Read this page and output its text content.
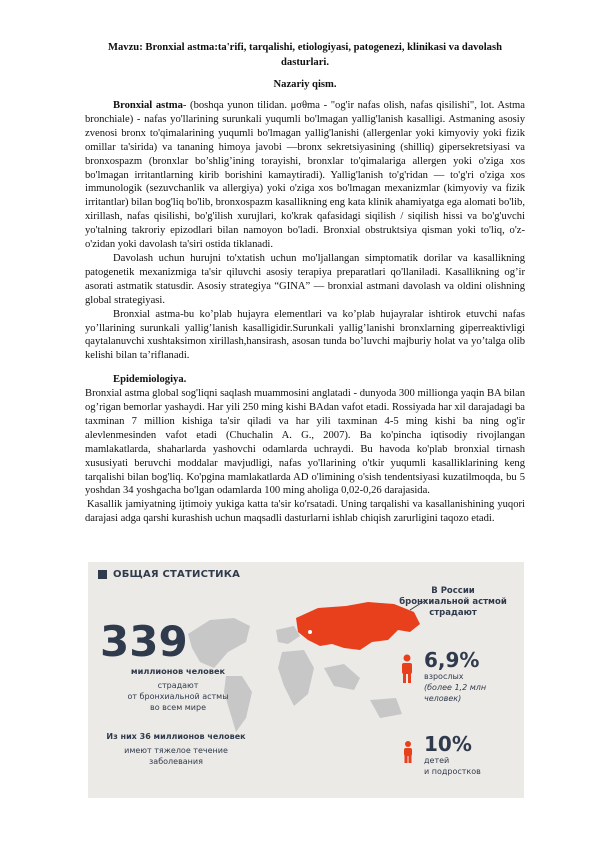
Mavzu: Bronxial astma:ta'rifi, tarqalishi, etiologiyasi, patogenezi, klinikasi va davolash dasturlari.

Nazariy qism.

Bronxial astma- (boshqa yunon tilidan. μσθma - "og'ir nafas olish, nafas qisilishi", lot. Astma bronchiale) - nafas yo'llarining surunkali yuqumli bo'lmagan yallig'lanish kasalligi. Astmaning asosiy zvenosi bronx to'qimalarining yuqumli bo'lmagan yallig'lanishi (allergenlar yoki kimyoviy yoki fizik omillar ta'sirida) va tananing himoya javobi —bronx sekretsiyasining (shilliq) gipersekretsiyasi va bronxospazm (bronxlar bo’shlig’ining torayishi, bronxlar to'qimalariga allergen yoki o'ziga xos bo'lmagan irritantlarning kirib borishini kamaytiradi). Yallig'lanish to'g'ridan — to'g'ri o'ziga xos immunologik (sezuvchanlik va allergiya) yoki o'ziga xos bo'lmagan mexanizmlar (kimyoviy va fizik irritantlar) bilan bog'liq bo'lib, bronxospazm kasallikning eng kata klinik ahamiyatga ega alomati bo'lib, xirillash, nafas qisilishi, bo'g'ilish xurujlari, ko'krak qafasidagi siqilish / siqilish hissi va bo'g'uvchi yo'talning takroriy epizodlari bilan namoyon bo'ladi. Bronxial obstruktsiya qisman yoki to'liq, o'z-o'zidan yoki davolash ta'siri ostida tiklanadi.

Davolash uchun hurujni to'xtatish uchun mo'ljallangan simptomatik dorilar va kasallikning patogenetik mexanizmiga ta'sir qiluvchi asosiy terapiya preparatlari qo'llaniladi. Kasallikning og’ir asorati astmatik statusdir. Asosiy strategiya “GINA” — bronxial astmani davolash va oldini olishning global strategiyasi.

Bronxial astma-bu ko’plab hujayra elementlari va ko’plab hujayralar ishtirok etuvchi nafas yo’llarining surunkali yallig’lanish kasalligidir.Surunkali yallig’lanishi bronxlarning giperreaktivligi qaytalanuvchi xushtaksimon xirillash,hansirash, asosan tunda bo’luvchi majburiy holat va yo’talga olib kelishi bilan ta’riflanadi.

Epidemiologiya.

Bronxial astma global sog'liqni saqlash muammosini anglatadi - dunyoda 300 millionga yaqin BA bilan og’rigan bemorlar yashaydi. Har yili 250 ming kishi BAdan vafot etadi. Rossiyada har xil darajadagi ba taxminan 7 million kishiga ta'sir qiladi va har yili taxminan 4-5 ming kishi ba ning og'ir alevlenmesinden vafot etadi (Chuchalin A. G., 2007). Ba ko'pincha iqtisodiy rivojlangan mamlakatlarda, shaharlarda yashovchi odamlarda uchraydi. Bu havoda ko'plab bronxial tirnash xususiyati beruvchi moddalar mavjudligi, nafas yo'llarining o'tkir yuqumli kasalliklarining keng tarqalishi bilan bog'liq. Ko'pgina mamlakatlarda AD o'limining o'sish tendentsiyasi kuzatilmoqda, bu 5 yoshdan 34 yoshgacha bo'lgan odamlarda 100 ming aholiga 0,02-0,26 darajasida.

Kasallik jamiyatning ijtimoiy yukiga katta ta'sir ko'rsatadi. Uning tarqalishi va kasallanishining yuqori darajasi adga qarshi kurashish uchun maqsadli dasturlarni ishlab chiqish zarurligini taqozo etadi.

ОБЩАЯ СТАТИСТИКА
339
миллионов человек
страдают
от бронхиальной астмы
во всем мире
Из них 36 миллионов человек
имеют тяжелое течение
заболевания
В России
бронхиальной астмой
страдают
6,9%
взрослых
(более 1,2 млн
человек)
10%
детей
и подростков
